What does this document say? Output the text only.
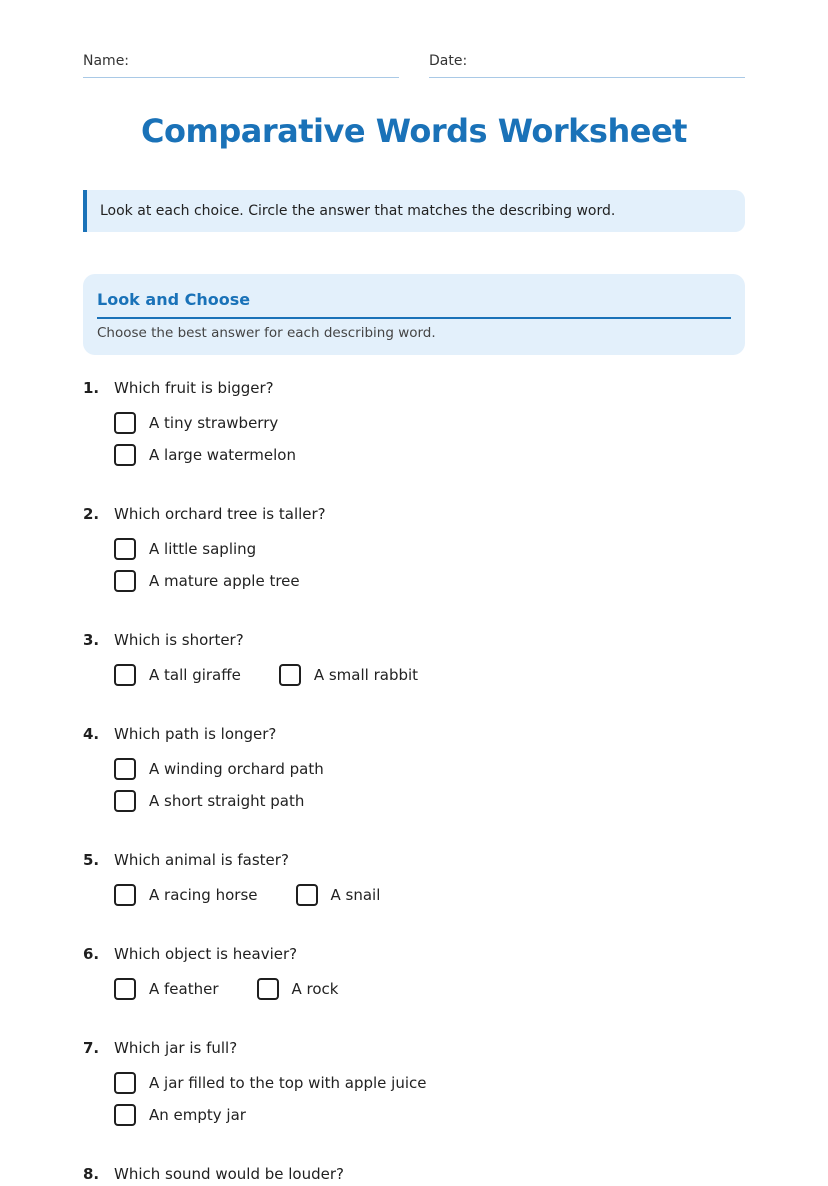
Name:	Date:
Comparative Words Worksheet
Look at each choice. Circle the answer that matches the describing word.
Look and Choose
Choose the best answer for each describing word.
1. Which fruit is bigger?
A tiny strawberry
A large watermelon
2. Which orchard tree is taller?
A little sapling
A mature apple tree
3. Which is shorter?
A tall giraffe	A small rabbit
4. Which path is longer?
A winding orchard path
A short straight path
5. Which animal is faster?
A racing horse	A snail
6. Which object is heavier?
A feather	A rock
7. Which jar is full?
A jar filled to the top with apple juice
An empty jar
8. Which sound would be louder?
